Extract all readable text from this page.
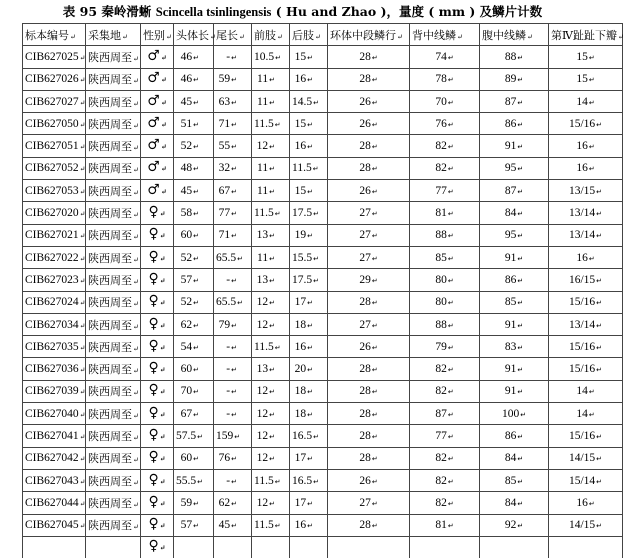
表 95 秦岭滑蜥 Scincella tsinlingensis ( Hu and Zhao )，量度 ( mm ) 及鳞片计数
标本编号↵	采集地↵	性别↵	头体长↵	尾长↵	前肢↵	后肢↵	环体中段鳞行↵	背中线鳞↵	腹中线鳞↵	第Ⅳ趾趾下瓣↵
CIB627025↵	陕西周至↵	♂↵	46↵	-↵	10.5↵	15↵	28↵	74↵	88↵	15↵
CIB627026↵	陕西周至↵	♂↵	46↵	59↵	11↵	16↵	28↵	78↵	89↵	15↵
CIB627027↵	陕西周至↵	♂↵	45↵	63↵	11↵	14.5↵	26↵	70↵	87↵	14↵
CIB627050↵	陕西周至↵	♂↵	51↵	71↵	11.5↵	15↵	26↵	76↵	86↵	15/16↵
CIB627051↵	陕西周至↵	♂↵	52↵	55↵	12↵	16↵	28↵	82↵	91↵	16↵
CIB627052↵	陕西周至↵	♂↵	48↵	32↵	11↵	11.5↵	28↵	82↵	95↵	16↵
CIB627053↵	陕西周至↵	♂↵	45↵	67↵	11↵	15↵	26↵	77↵	87↵	13/15↵
CIB627020↵	陕西周至↵	♀↵	58↵	77↵	11.5↵	17.5↵	27↵	81↵	84↵	13/14↵
CIB627021↵	陕西周至↵	♀↵	60↵	71↵	13↵	19↵	27↵	88↵	95↵	13/14↵
CIB627022↵	陕西周至↵	♀↵	52↵	65.5↵	11↵	15.5↵	27↵	85↵	91↵	16↵
CIB627023↵	陕西周至↵	♀↵	57↵	-↵	13↵	17.5↵	29↵	80↵	86↵	16/15↵
CIB627024↵	陕西周至↵	♀↵	52↵	65.5↵	12↵	17↵	28↵	80↵	85↵	15/16↵
CIB627034↵	陕西周至↵	♀↵	62↵	79↵	12↵	18↵	27↵	88↵	91↵	13/14↵
CIB627035↵	陕西周至↵	♀↵	54↵	-↵	11.5↵	16↵	26↵	79↵	83↵	15/16↵
CIB627036↵	陕西周至↵	♀↵	60↵	-↵	13↵	20↵	28↵	82↵	91↵	15/16↵
CIB627039↵	陕西周至↵	♀↵	70↵	-↵	12↵	18↵	28↵	82↵	91↵	14↵
CIB627040↵	陕西周至↵	♀↵	67↵	-↵	12↵	18↵	28↵	87↵	100↵	14↵
CIB627041↵	陕西周至↵	♀↵	57.5↵	159↵	12↵	16.5↵	28↵	77↵	86↵	15/16↵
CIB627042↵	陕西周至↵	♀↵	60↵	76↵	12↵	17↵	28↵	82↵	84↵	14/15↵
CIB627043↵	陕西周至↵	♀↵	55.5↵	-↵	11.5↵	16.5↵	26↵	82↵	85↵	15/14↵
CIB627044↵	陕西周至↵	♀↵	59↵	62↵	12↵	17↵	27↵	82↵	84↵	16↵
CIB627045↵	陕西周至↵	♀↵	57↵	45↵	11.5↵	16↵	28↵	81↵	92↵	14/15↵
		♀↵								
